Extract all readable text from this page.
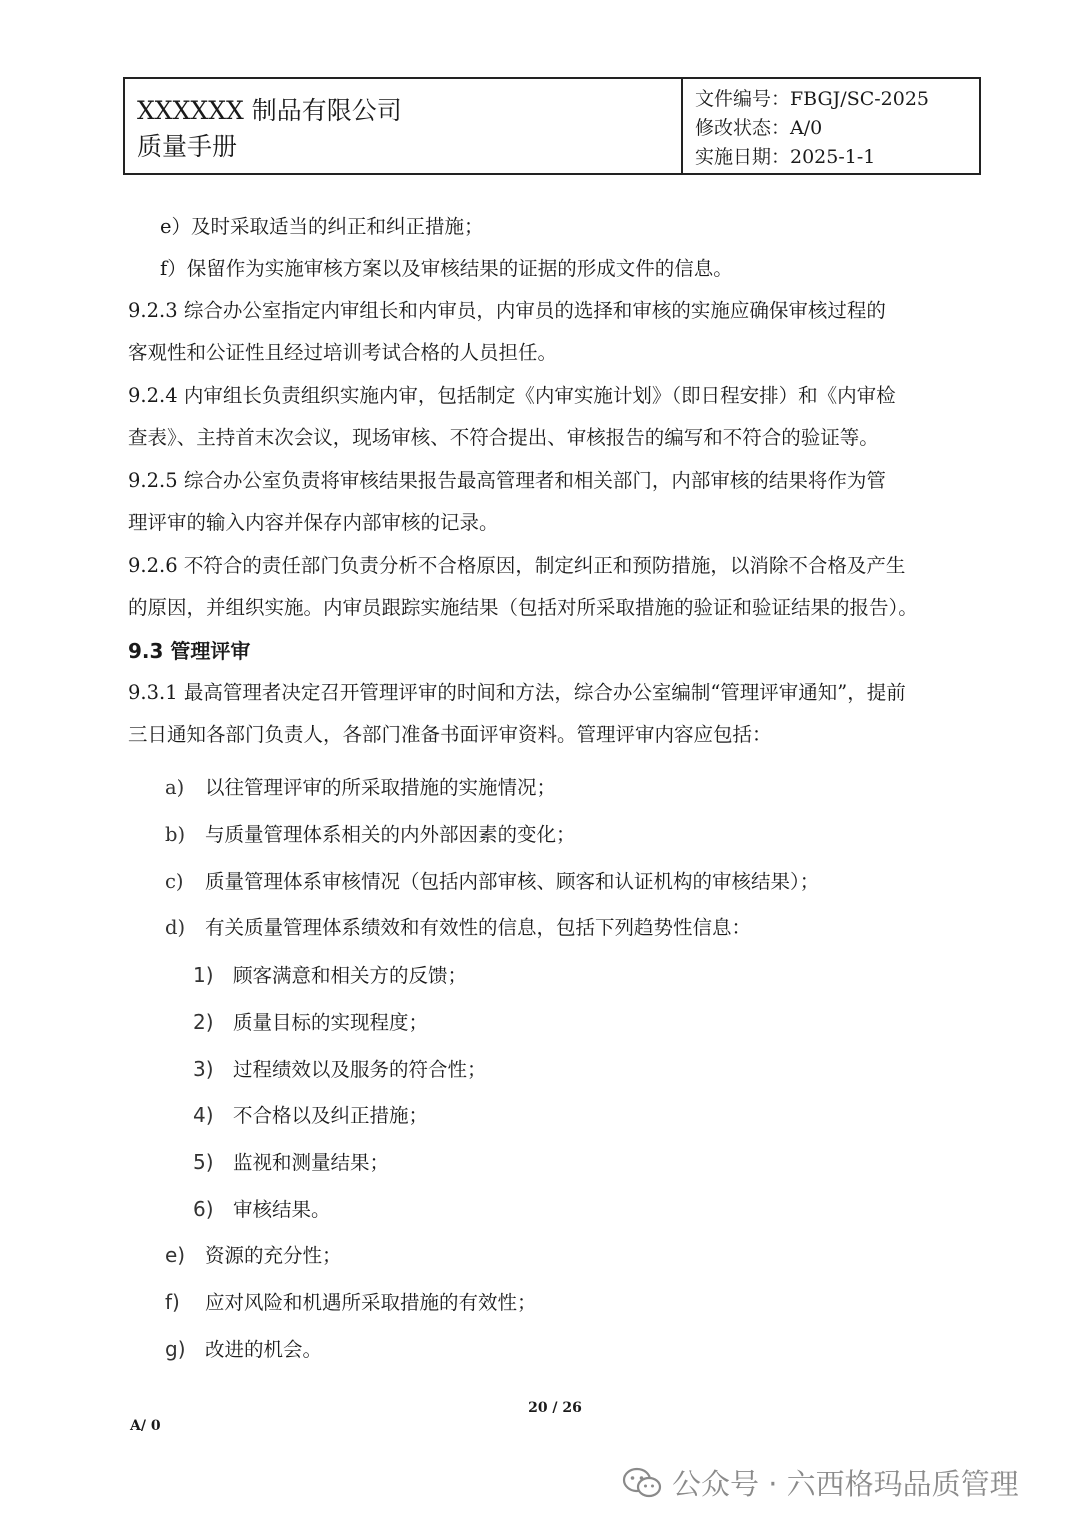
XXXXXX 制品有限公司
质量手册
文件编号：FBGJ/SC-2025
修改状态：A/0
实施日期：2025-1-1
e）及时采取适当的纠正和纠正措施；
f）保留作为实施审核方案以及审核结果的证据的形成文件的信息。
9.2.3 综合办公室指定内审组长和内审员，内审员的选择和审核的实施应确保审核过程的
客观性和公证性且经过培训考试合格的人员担任。
9.2.4 内审组长负责组织实施内审，包括制定《内审实施计划》（即日程安排）和《内审检
查表》、主持首末次会议，现场审核、不符合提出、审核报告的编写和不符合的验证等。
9.2.5 综合办公室负责将审核结果报告最高管理者和相关部门，内部审核的结果将作为管
理评审的输入内容并保存内部审核的记录。
9.2.6 不符合的责任部门负责分析不合格原因，制定纠正和预防措施，以消除不合格及产生
的原因，并组织实施。内审员跟踪实施结果（包括对所采取措施的验证和验证结果的报告）。
9.3 管理评审
9.3.1 最高管理者决定召开管理评审的时间和方法，综合办公室编制“管理评审通知”，提前
三日通知各部门负责人，各部门准备书面评审资料。管理评审内容应包括：
a) 以往管理评审的所采取措施的实施情况；
b) 与质量管理体系相关的内外部因素的变化；
c) 质量管理体系审核情况（包括内部审核、顾客和认证机构的审核结果）；
d) 有关质量管理体系绩效和有效性的信息，包括下列趋势性信息：
1) 顾客满意和相关方的反馈；
2) 质量目标的实现程度；
3) 过程绩效以及服务的符合性；
4) 不合格以及纠正措施；
5) 监视和测量结果；
6) 审核结果。
e) 资源的充分性；
f) 应对风险和机遇所采取措施的有效性；
g) 改进的机会。
20 / 26
A/ 0
公众号 · 六西格玛品质管理
